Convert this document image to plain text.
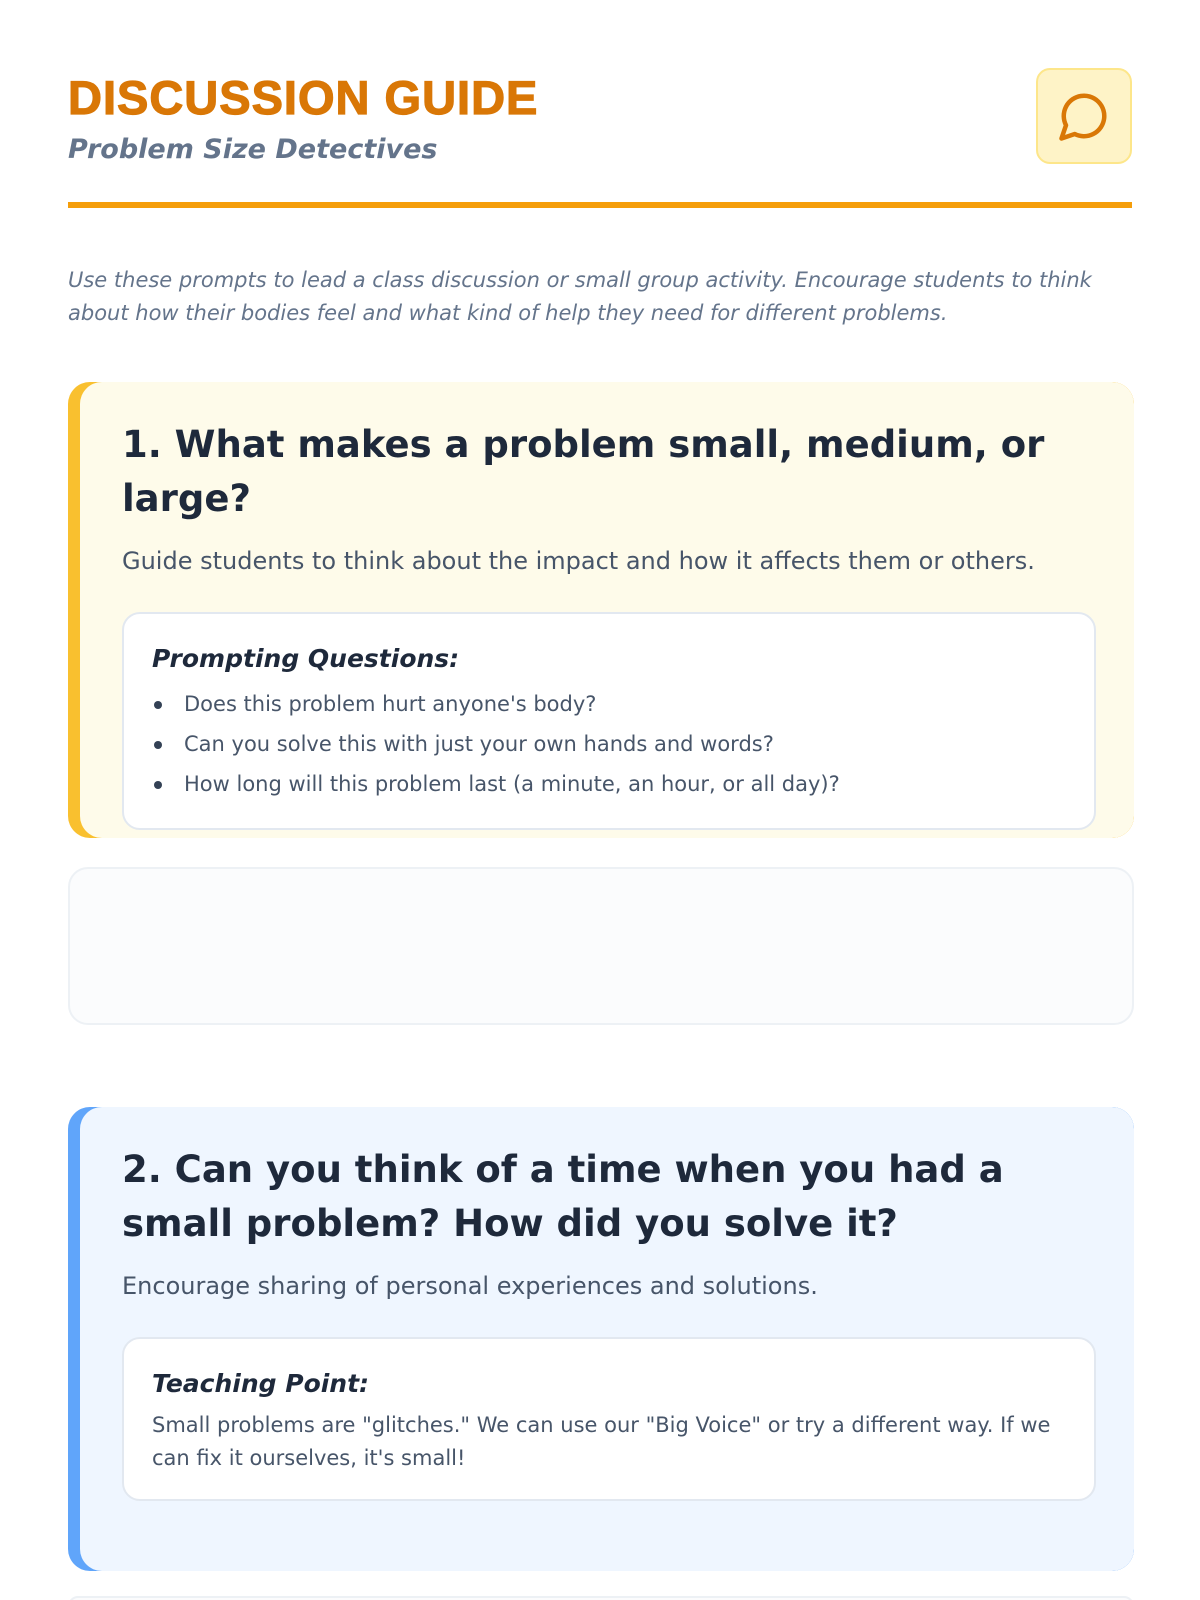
DISCUSSION GUIDE
Problem Size Detectives

Use these prompts to lead a class discussion or small group activity. Encourage students to think about how their bodies feel and what kind of help they need for different problems.

1. What makes a problem small, medium, or large?

Guide students to think about the impact and how it affects them or others.

Prompting Questions:
Does this problem hurt anyone's body?
Can you solve this with just your own hands and words?
How long will this problem last (a minute, an hour, or all day)?
2. Can you think of a time when you had a small problem? How did you solve it?

Encourage sharing of personal experiences and solutions.

Teaching Point:

Small problems are "glitches." We can use our "Big Voice" or try a different way. If we can fix it ourselves, it's small!
